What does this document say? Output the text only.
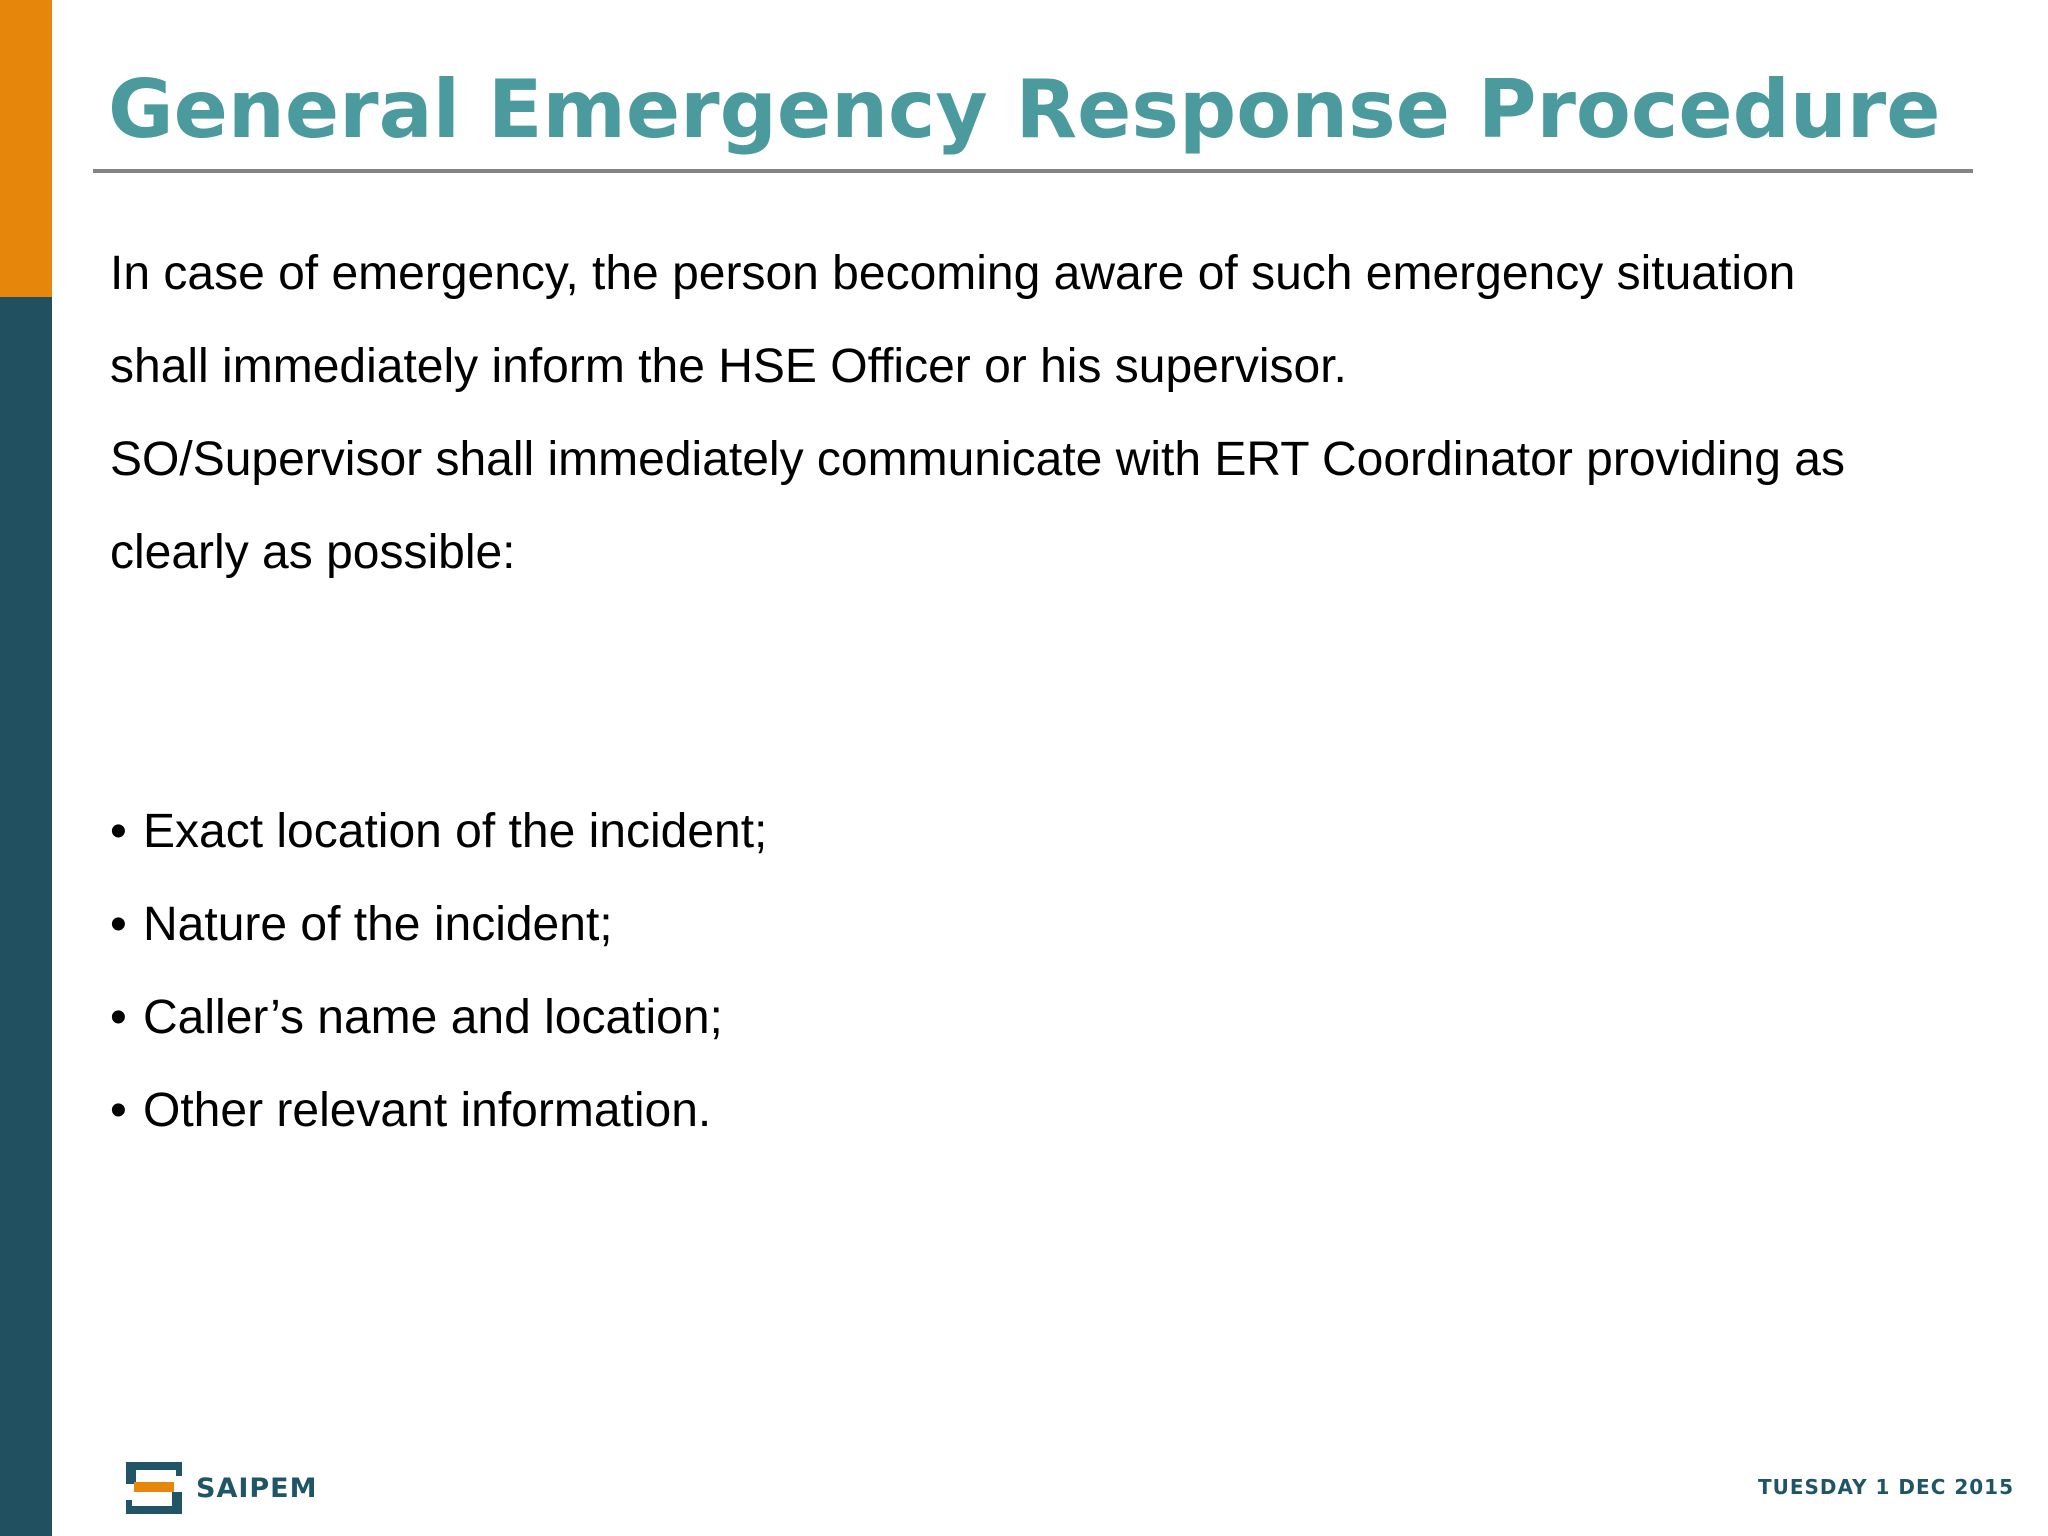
General Emergency Response Procedure

In case of emergency, the person becoming aware of such emergency situation
shall immediately inform the HSE Officer or his supervisor.

SO/Supervisor shall immediately communicate with ERT Coordinator providing as
clearly as possible:

• Exact location of the incident;
• Nature of the incident;
• Caller’s name and location;
• Other relevant information.
SAIPEM	TUESDAY 1 DEC 2015
